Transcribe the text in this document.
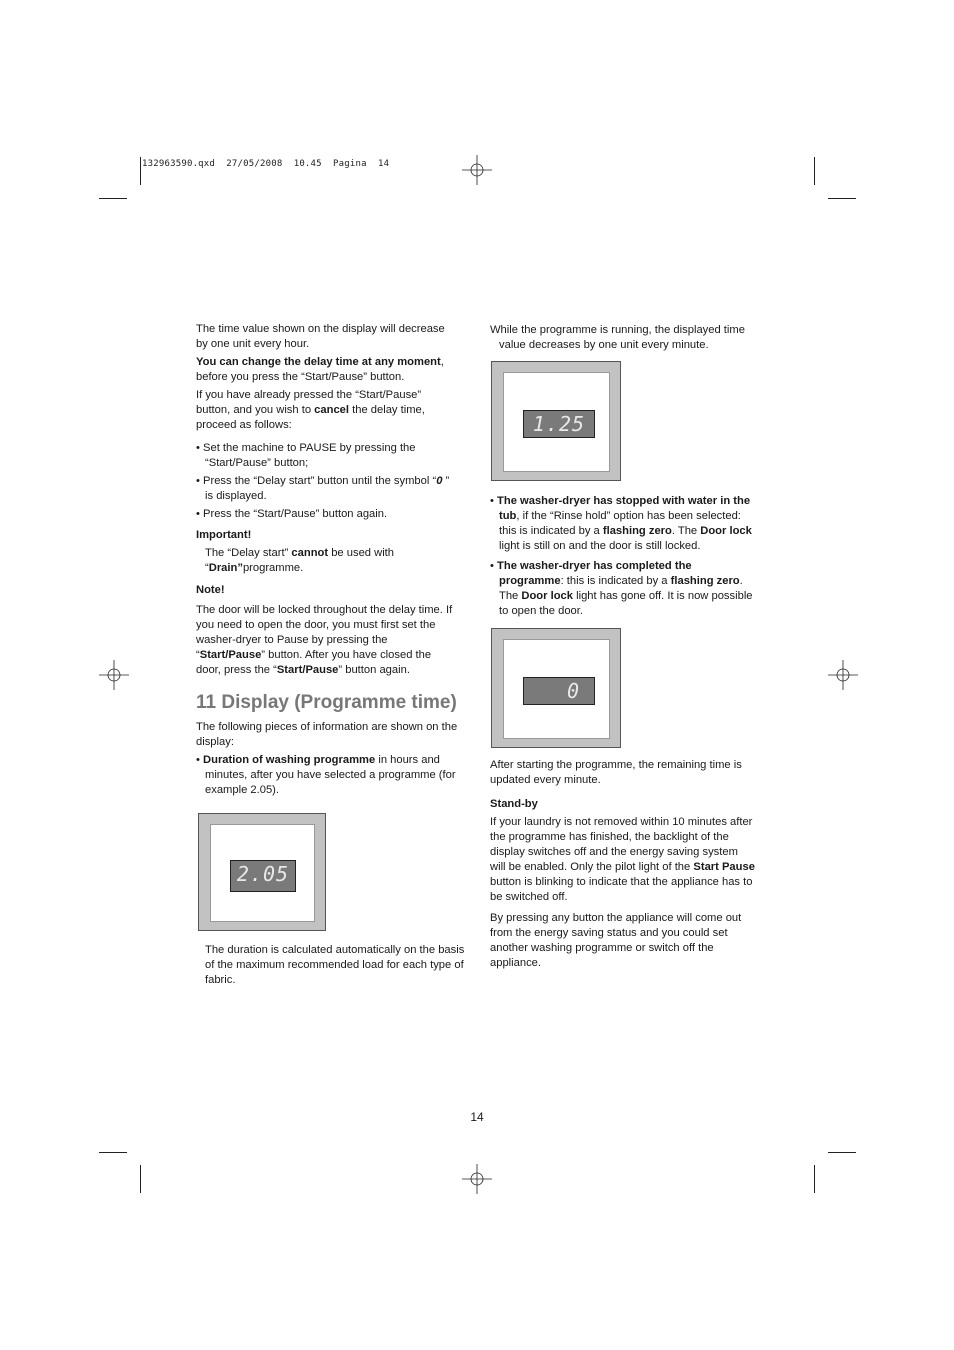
132963590.qxd  27/05/2008  10.45  Pagina  14

The time value shown on the display will decrease by one unit every hour.

You can change the delay time at any moment, before you press the “Start/Pause” button.

If you have already pressed the “Start/Pause” button, and you wish to cancel the delay time, proceed as follows:

• Set the machine to PAUSE by pressing the “Start/Pause” button;

• Press the “Delay start” button until the symbol “0 ” is displayed.

• Press the “Start/Pause” button again.

Important!

The “Delay start” cannot be used with “Drain”programme.

Note!

The door will be locked throughout the delay time. If you need to open the door, you must first set the washer-dryer to Pause by pressing the “Start/Pause” button. After you have closed the door, press the “Start/Pause” button again.

11 Display (Programme time)

The following pieces of information are shown on the display:

• Duration of washing programme in hours and minutes, after you have selected a programme (for example 2.05).

2.05

The duration is calculated automatically on the basis of the maximum recommended load for each type of fabric.

While the programme is running, the displayed time value decreases by one unit every minute.

1.25

• The washer-dryer has stopped with water in the tub, if the “Rinse hold” option has been selected: this is indicated by a flashing zero. The Door lock light is still on and the door is still locked.

• The washer-dryer has completed the programme: this is indicated by a flashing zero. The Door lock light has gone off. It is now possible to open the door.

0

After starting the programme, the remaining time is updated every minute.

Stand-by

If your laundry is not removed within 10 minutes after the programme has finished, the backlight of the display switches off and the energy saving system will be enabled. Only the pilot light of the Start Pause button is blinking to indicate that the appliance has to be switched off.

By pressing any button the appliance will come out from the energy saving status and you could set another washing programme or switch off the appliance.

14
